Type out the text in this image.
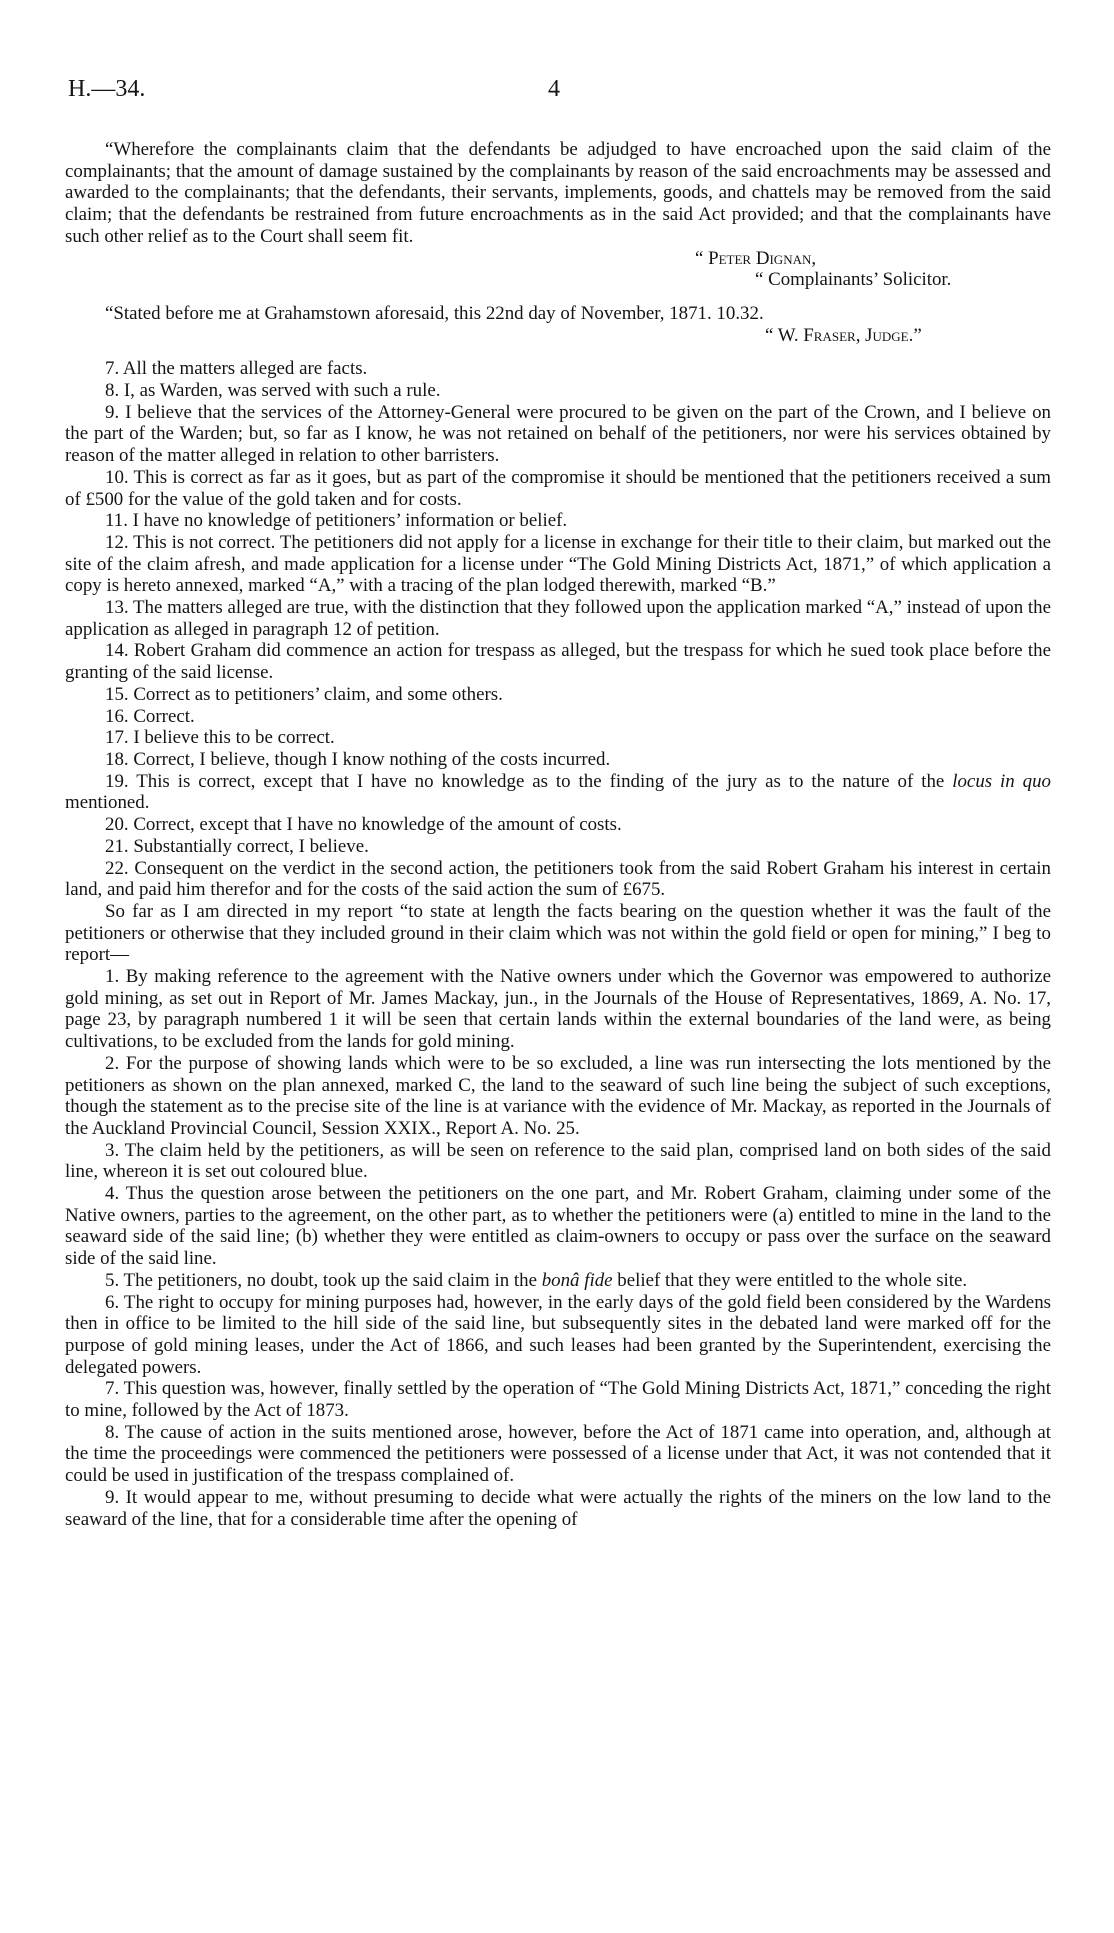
H.—34.	4

“Wherefore the complainants claim that the defendants be adjudged to have encroached upon the said claim of the complainants; that the amount of damage sustained by the complainants by reason of the said encroachments may be assessed and awarded to the complainants; that the defendants, their servants, implements, goods, and chattels may be removed from the said claim; that the defendants be restrained from future encroachments as in the said Act provided; and that the complainants have such other relief as to the Court shall seem fit.

“ Peter Dignan,

“ Complainants’ Solicitor.

“Stated before me at Grahamstown aforesaid, this 22nd day of November, 1871. 10.32.

“ W. Fraser, Judge.”

7. All the matters alleged are facts.

8. I, as Warden, was served with such a rule.

9. I believe that the services of the Attorney-General were procured to be given on the part of the Crown, and I believe on the part of the Warden; but, so far as I know, he was not retained on behalf of the petitioners, nor were his services obtained by reason of the matter alleged in relation to other barristers.

10. This is correct as far as it goes, but as part of the compromise it should be mentioned that the petitioners received a sum of £500 for the value of the gold taken and for costs.

11. I have no knowledge of petitioners’ information or belief.

12. This is not correct. The petitioners did not apply for a license in exchange for their title to their claim, but marked out the site of the claim afresh, and made application for a license under “The Gold Mining Districts Act, 1871,” of which application a copy is hereto annexed, marked “A,” with a tracing of the plan lodged therewith, marked “B.”

13. The matters alleged are true, with the distinction that they followed upon the application marked “A,” instead of upon the application as alleged in paragraph 12 of petition.

14. Robert Graham did commence an action for trespass as alleged, but the trespass for which he sued took place before the granting of the said license.

15. Correct as to petitioners’ claim, and some others.

16. Correct.

17. I believe this to be correct.

18. Correct, I believe, though I know nothing of the costs incurred.

19. This is correct, except that I have no knowledge as to the finding of the jury as to the nature of the locus in quo mentioned.

20. Correct, except that I have no knowledge of the amount of costs.

21. Substantially correct, I believe.

22. Consequent on the verdict in the second action, the petitioners took from the said Robert Graham his interest in certain land, and paid him therefor and for the costs of the said action the sum of £675.

So far as I am directed in my report “to state at length the facts bearing on the question whether it was the fault of the petitioners or otherwise that they included ground in their claim which was not within the gold field or open for mining,” I beg to report—

1. By making reference to the agreement with the Native owners under which the Governor was empowered to authorize gold mining, as set out in Report of Mr. James Mackay, jun., in the Journals of the House of Representatives, 1869, A. No. 17, page 23, by paragraph numbered 1 it will be seen that certain lands within the external boundaries of the land were, as being cultivations, to be excluded from the lands for gold mining.

2. For the purpose of showing lands which were to be so excluded, a line was run intersecting the lots mentioned by the petitioners as shown on the plan annexed, marked C, the land to the seaward of such line being the subject of such exceptions, though the statement as to the precise site of the line is at variance with the evidence of Mr. Mackay, as reported in the Journals of the Auckland Provincial Council, Session XXIX., Report A. No. 25.

3. The claim held by the petitioners, as will be seen on reference to the said plan, comprised land on both sides of the said line, whereon it is set out coloured blue.

4. Thus the question arose between the petitioners on the one part, and Mr. Robert Graham, claiming under some of the Native owners, parties to the agreement, on the other part, as to whether the petitioners were (a) entitled to mine in the land to the seaward side of the said line; (b) whether they were entitled as claim-owners to occupy or pass over the surface on the seaward side of the said line.

5. The petitioners, no doubt, took up the said claim in the bonâ fide belief that they were entitled to the whole site.

6. The right to occupy for mining purposes had, however, in the early days of the gold field been considered by the Wardens then in office to be limited to the hill side of the said line, but subsequently sites in the debated land were marked off for the purpose of gold mining leases, under the Act of 1866, and such leases had been granted by the Superintendent, exercising the delegated powers.

7. This question was, however, finally settled by the operation of “The Gold Mining Districts Act, 1871,” conceding the right to mine, followed by the Act of 1873.

8. The cause of action in the suits mentioned arose, however, before the Act of 1871 came into operation, and, although at the time the proceedings were commenced the petitioners were possessed of a license under that Act, it was not contended that it could be used in justification of the trespass complained of.

9. It would appear to me, without presuming to decide what were actually the rights of the miners on the low land to the seaward of the line, that for a considerable time after the opening of
